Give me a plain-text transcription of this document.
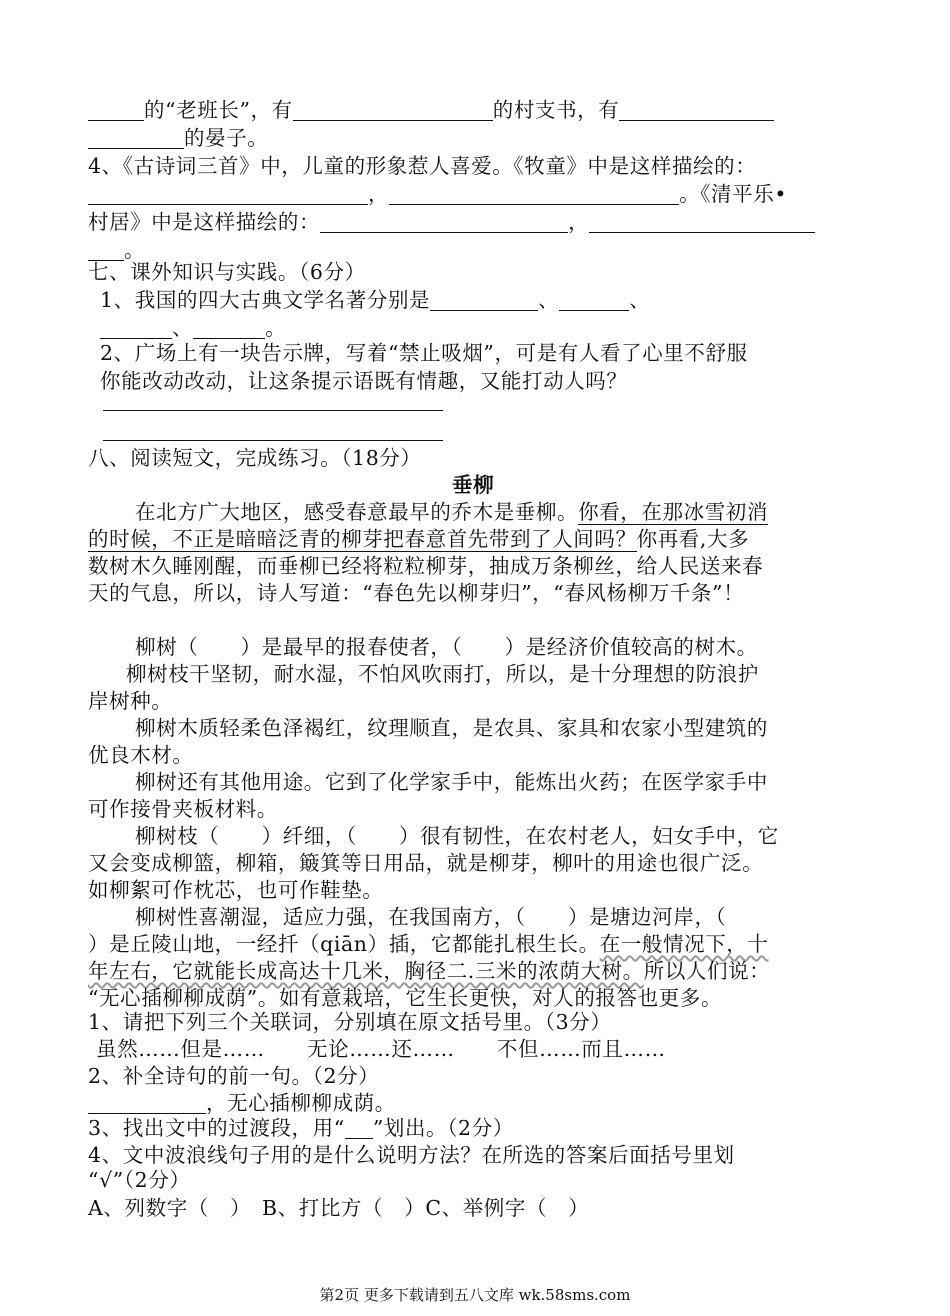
的“老班长”，有	的村支书，有
的晏子。
4、《古诗词三首》中，儿童的形象惹人喜爱。《牧童》中是这样描绘的：
，	。《清平乐•
村居》中是这样描绘的：	，
。
七、课外知识与实践。（6分）
1、我国的四大古典文学名著分别是	、	、
、	。
2、广场上有一块告示牌，写着“禁止吸烟”，可是有人看了心里不舒服
你能改动改动，让这条提示语既有情趣，又能打动人吗？
八、阅读短文，完成练习。（18分）
垂柳
在北方广大地区，感受春意最早的乔木是垂柳。你看，在那冰雪初消
的时候，不正是暗暗泛青的柳芽把春意首先带到了人间吗？你再看,大多
数树木久睡刚醒，而垂柳已经将粒粒柳芽，抽成万条柳丝，给人民送来春
天的气息，所以，诗人写道：“春色先以柳芽归”，“春风杨柳万千条”！
柳树（　　）是最早的报春使者，（　　）是经济价值较高的树木。
柳树枝干坚韧，耐水湿，不怕风吹雨打，所以，是十分理想的防浪护
岸树种。
柳树木质轻柔色泽褐红，纹理顺直，是农具、家具和农家小型建筑的
优良木材。
柳树还有其他用途。它到了化学家手中，能炼出火药；在医学家手中
可作接骨夹板材料。
柳树枝（　　）纤细，（　　）很有韧性，在农村老人，妇女手中，它
又会变成柳篮，柳箱，簸箕等日用品，就是柳芽，柳叶的用途也很广泛。
如柳絮可作枕芯，也可作鞋垫。
柳树性喜潮湿，适应力强，在我国南方，（　　）是塘边河岸，（
）是丘陵山地，一经扦（qiān）插，它都能扎根生长。在一般情况下，十
年左右，它就能长成高达十几米，胸径二.三米的浓荫大树。所以人们说：
“无心插柳柳成荫”。如有意栽培，它生长更快，对人的报答也更多。
1、请把下列三个关联词，分别填在原文括号里。（3分）
虽然……但是……　　无论……还……　　不但……而且……
2、补全诗句的前一句。（2分）
，无心插柳柳成荫。
3、找出文中的过渡段，用“ ”划出。（2分）
4、文中波浪线句子用的是什么说明方法？在所选的答案后面括号里划
“√”（2分）
A、列数字（　）　B、打比方（　）C、举例字（　）
第2页 更多下载请到五八文库 wk.58sms.com
